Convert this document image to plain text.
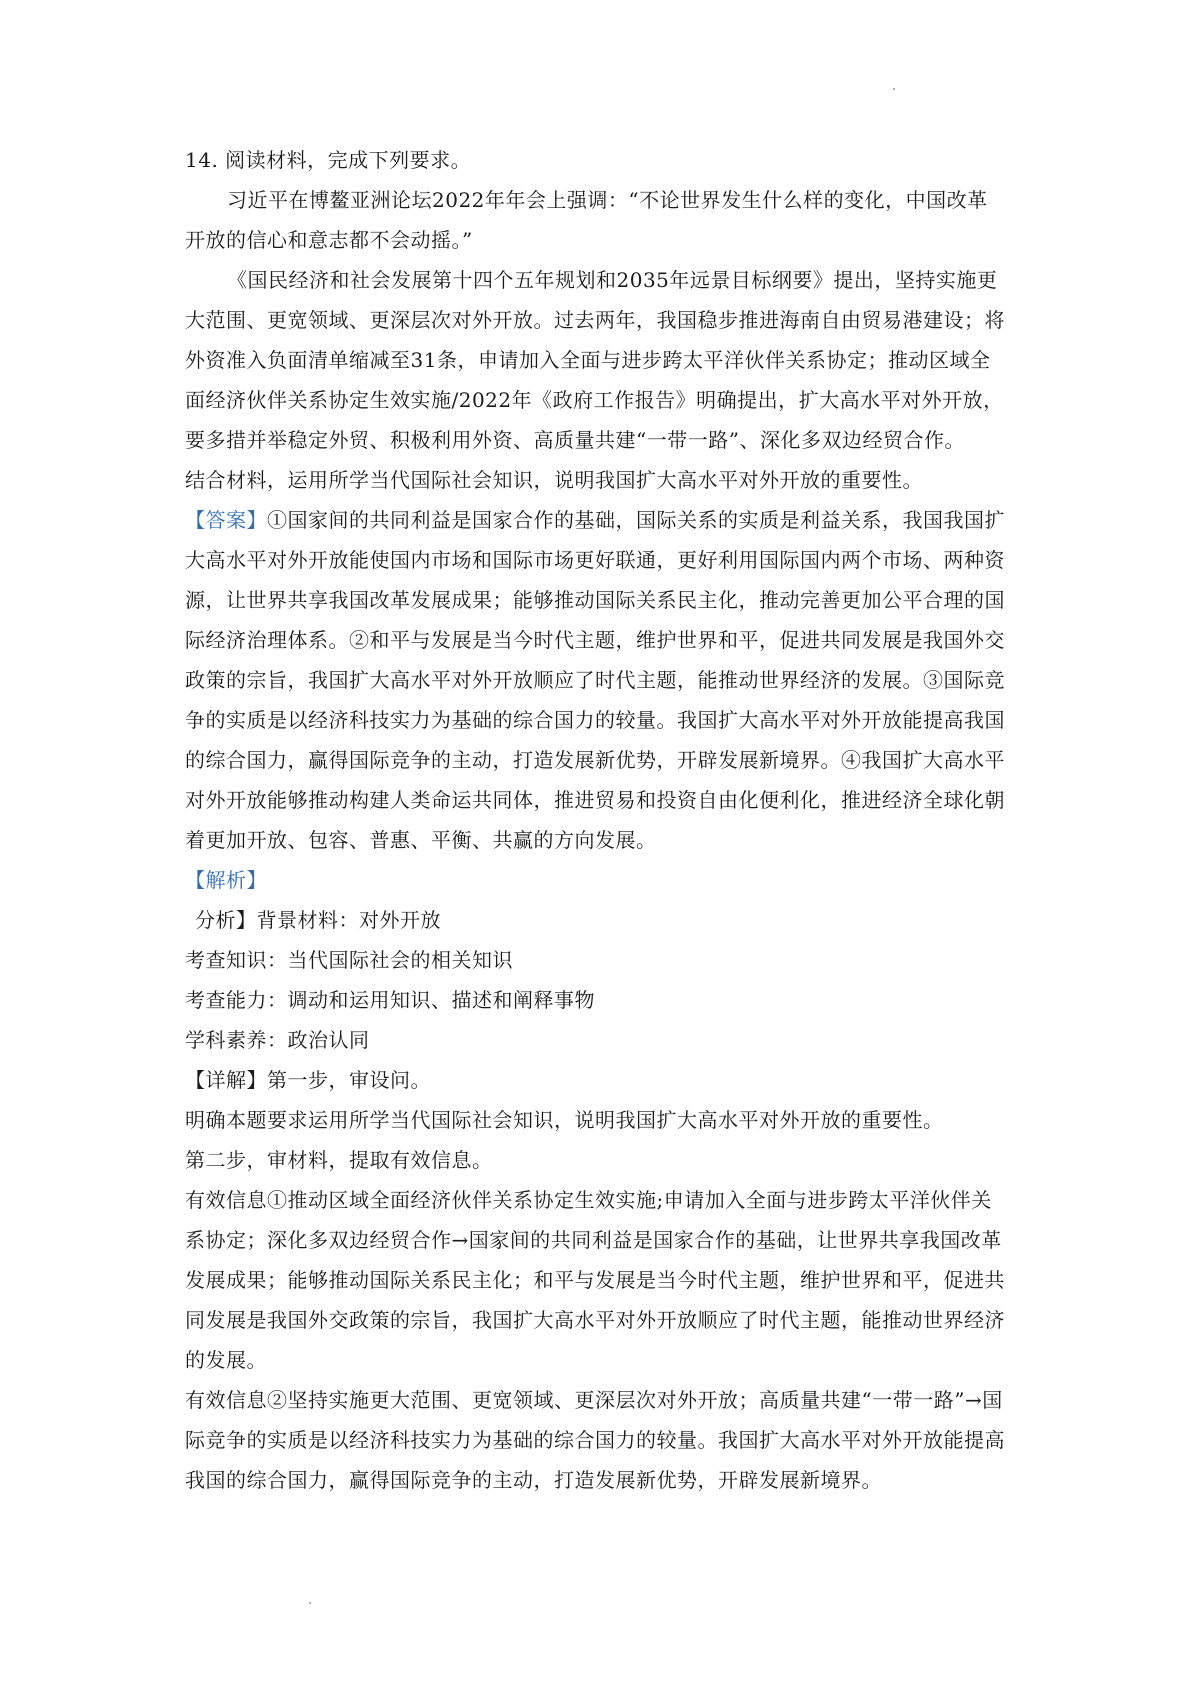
14. 阅读材料，完成下列要求。
习近平在博鳌亚洲论坛2022年年会上强调：“不论世界发生什么样的变化，中国改革
开放的信心和意志都不会动摇。”
《国民经济和社会发展第十四个五年规划和2035年远景目标纲要》提出，坚持实施更
大范围、更宽领域、更深层次对外开放。过去两年，我国稳步推进海南自由贸易港建设；将
外资准入负面清单缩减至31条，申请加入全面与进步跨太平洋伙伴关系协定；推动区域全
面经济伙伴关系协定生效实施/2022年《政府工作报告》明确提出，扩大高水平对外开放，
要多措并举稳定外贸、积极利用外资、高质量共建“一带一路”、深化多双边经贸合作。
结合材料，运用所学当代国际社会知识，说明我国扩大高水平对外开放的重要性。
【答案】①国家间的共同利益是国家合作的基础，国际关系的实质是利益关系，我国我国扩
大高水平对外开放能使国内市场和国际市场更好联通，更好利用国际国内两个市场、两种资
源，让世界共享我国改革发展成果；能够推动国际关系民主化，推动完善更加公平合理的国
际经济治理体系。②和平与发展是当今时代主题，维护世界和平，促进共同发展是我国外交
政策的宗旨，我国扩大高水平对外开放顺应了时代主题，能推动世界经济的发展。③国际竞
争的实质是以经济科技实力为基础的综合国力的较量。我国扩大高水平对外开放能提高我国
的综合国力，赢得国际竞争的主动，打造发展新优势，开辟发展新境界。④我国扩大高水平
对外开放能够推动构建人类命运共同体，推进贸易和投资自由化便利化，推进经济全球化朝
着更加开放、包容、普惠、平衡、共赢的方向发展。
【解析】
分析】背景材料：对外开放
考查知识：当代国际社会的相关知识
考查能力：调动和运用知识、描述和阐释事物
学科素养：政治认同
【详解】第一步，审设问。
明确本题要求运用所学当代国际社会知识，说明我国扩大高水平对外开放的重要性。
第二步，审材料，提取有效信息。
有效信息①推动区域全面经济伙伴关系协定生效实施;申请加入全面与进步跨太平洋伙伴关
系协定；深化多双边经贸合作→国家间的共同利益是国家合作的基础，让世界共享我国改革
发展成果；能够推动国际关系民主化；和平与发展是当今时代主题，维护世界和平，促进共
同发展是我国外交政策的宗旨，我国扩大高水平对外开放顺应了时代主题，能推动世界经济
的发展。
有效信息②坚持实施更大范围、更宽领域、更深层次对外开放；高质量共建“一带一路”→国
际竞争的实质是以经济科技实力为基础的综合国力的较量。我国扩大高水平对外开放能提高
我国的综合国力，赢得国际竞争的主动，打造发展新优势，开辟发展新境界。
